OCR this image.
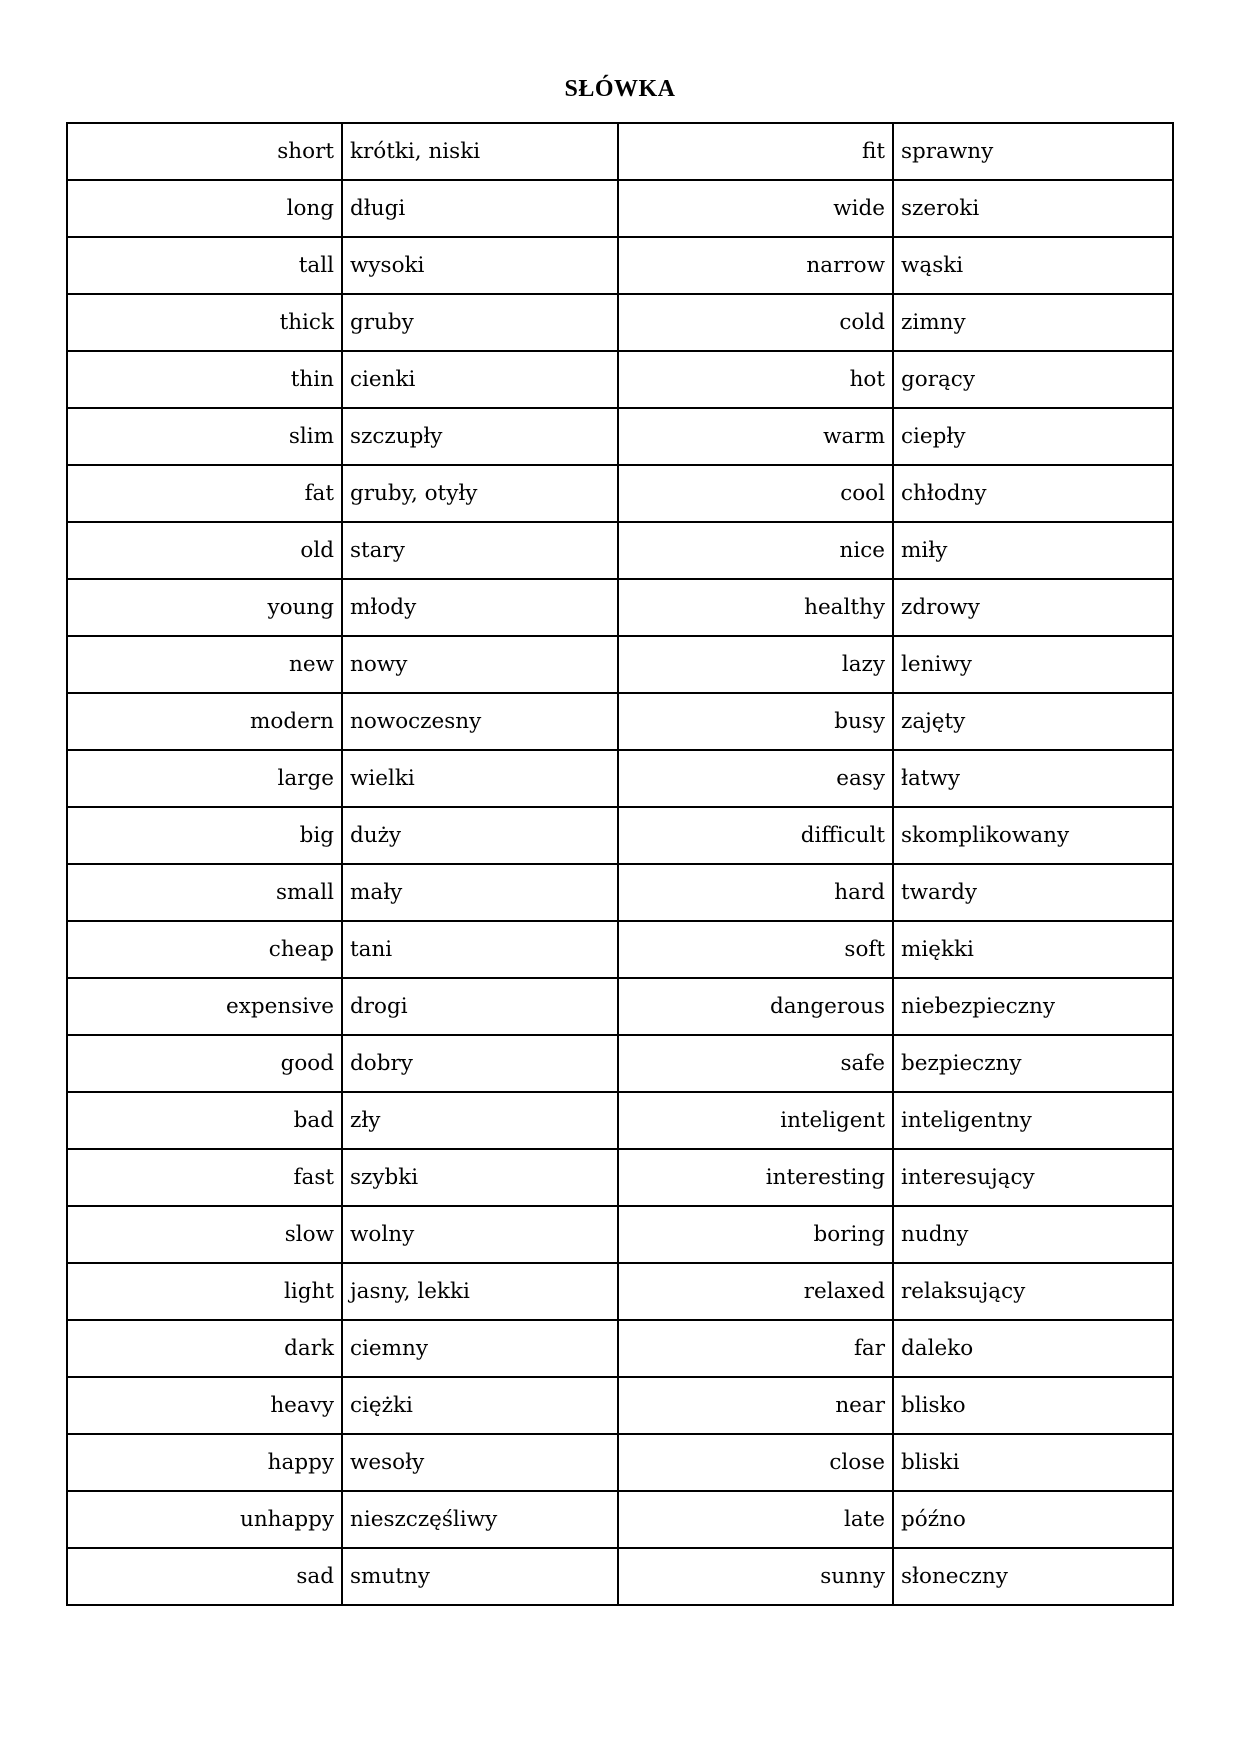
SŁÓWKA
short	krótki, niski	fit	sprawny
long	długi	wide	szeroki
tall	wysoki	narrow	wąski
thick	gruby	cold	zimny
thin	cienki	hot	gorący
slim	szczupły	warm	ciepły
fat	gruby, otyły	cool	chłodny
old	stary	nice	miły
young	młody	healthy	zdrowy
new	nowy	lazy	leniwy
modern	nowoczesny	busy	zajęty
large	wielki	easy	łatwy
big	duży	difficult	skomplikowany
small	mały	hard	twardy
cheap	tani	soft	miękki
expensive	drogi	dangerous	niebezpieczny
good	dobry	safe	bezpieczny
bad	zły	inteligent	inteligentny
fast	szybki	interesting	interesujący
slow	wolny	boring	nudny
light	jasny, lekki	relaxed	relaksujący
dark	ciemny	far	daleko
heavy	ciężki	near	blisko
happy	wesoły	close	bliski
unhappy	nieszczęśliwy	late	późno
sad	smutny	sunny	słoneczny
